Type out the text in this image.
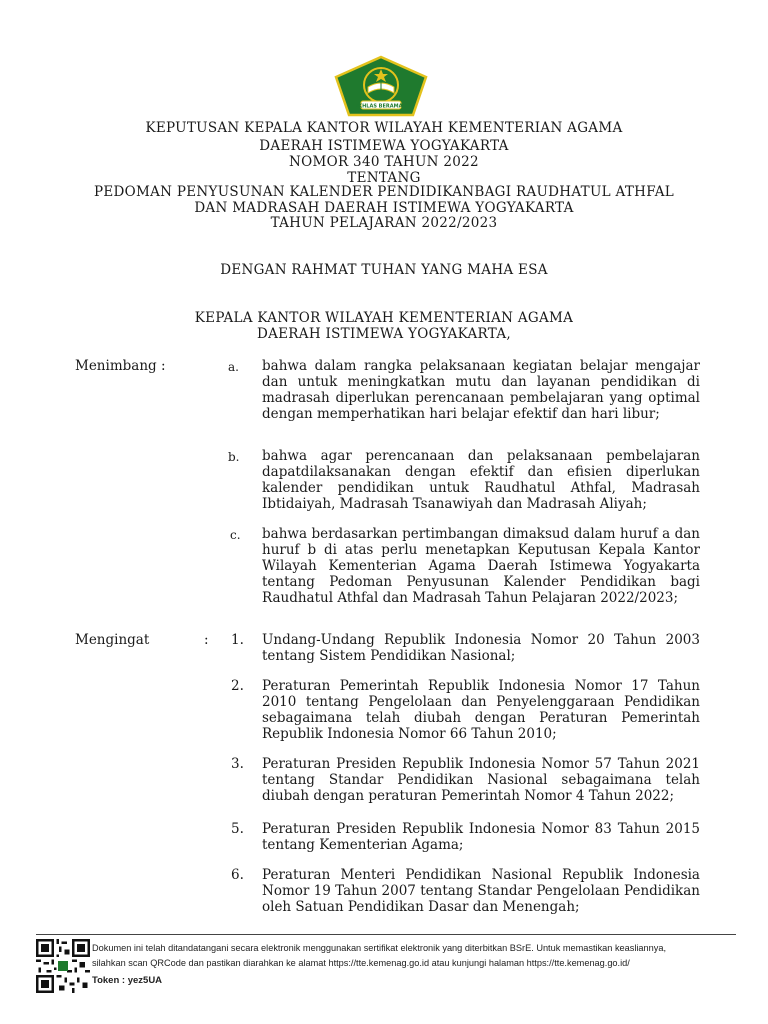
IKHLAS BERAMAL
KEPUTUSAN KEPALA KANTOR WILAYAH KEMENTERIAN AGAMA
DAERAH ISTIMEWA YOGYAKARTA
NOMOR 340 TAHUN 2022
TENTANG
PEDOMAN PENYUSUNAN KALENDER PENDIDIKANBAGI RAUDHATUL ATHFAL
DAN MADRASAH DAERAH ISTIMEWA YOGYAKARTA
TAHUN PELAJARAN 2022/2023
DENGAN RAHMAT TUHAN YANG MAHA ESA
KEPALA KANTOR WILAYAH KEMENTERIAN AGAMA
DAERAH ISTIMEWA YOGYAKARTA,
Menimbang :	a. bahwa dalam rangka pelaksanaan kegiatan belajar mengajar dan untuk meningkatkan mutu dan layanan pendidikan di madrasah diperlukan perencanaan pembelajaran yang optimal dengan memperhatikan hari belajar efektif dan hari libur;
b. bahwa agar perencanaan dan pelaksanaan pembelajaran dapatdilaksanakan dengan efektif dan efisien diperlukan kalender pendidikan untuk Raudhatul Athfal, Madrasah Ibtidaiyah, Madrasah Tsanawiyah dan Madrasah Aliyah;
c. bahwa berdasarkan pertimbangan dimaksud dalam huruf a dan huruf b di atas perlu menetapkan Keputusan Kepala Kantor Wilayah Kementerian Agama Daerah Istimewa Yogyakarta tentang Pedoman Penyusunan Kalender Pendidikan bagi Raudhatul Athfal dan Madrasah Tahun Pelajaran 2022/2023;
Mengingat	: 1. Undang-Undang Republik Indonesia Nomor 20 Tahun 2003 tentang Sistem Pendidikan Nasional;
2. Peraturan Pemerintah Republik Indonesia Nomor 17 Tahun 2010 tentang Pengelolaan dan Penyelenggaraan Pendidikan sebagaimana telah diubah dengan Peraturan Pemerintah Republik Indonesia Nomor 66 Tahun 2010;
3. Peraturan Presiden Republik Indonesia Nomor 57 Tahun 2021 tentang Standar Pendidikan Nasional sebagaimana telah diubah dengan peraturan Pemerintah Nomor 4 Tahun 2022;
5. Peraturan Presiden Republik Indonesia Nomor 83 Tahun 2015 tentang Kementerian Agama;
6. Peraturan Menteri Pendidikan Nasional Republik Indonesia Nomor 19 Tahun 2007 tentang Standar Pengelolaan Pendidikan oleh Satuan Pendidikan Dasar dan Menengah;
Dokumen ini telah ditandatangani secara elektronik menggunakan sertifikat elektronik yang diterbitkan BSrE. Untuk memastikan keasliannya,
silahkan scan QRCode dan pastikan diarahkan ke alamat https://tte.kemenag.go.id atau kunjungi halaman https://tte.kemenag.go.id/
Token : yez5UA
